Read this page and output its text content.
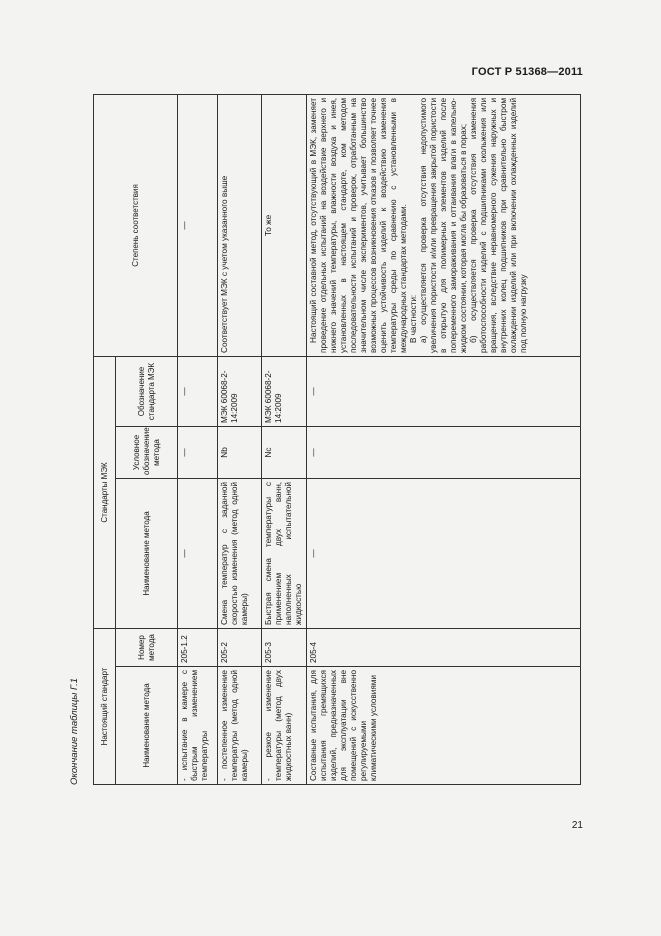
ГОСТ Р 51368—2011
Окончание таблицы Г.1	Настоящий стандарт		Стандарты МЭК			Степень соответствия
Наименование метода	Номер метода	Наименование метода	Условное обозначение метода	Обозначение стандарта МЭК	
- испытание в камере с быстрым изменением температуры	205-1.2	—	—	—	—
- постепенное изменение температуры (метод одной камеры)	205-2	Смена температур с заданной скоростью изменения (метод одной камеры)	Nb	МЭК 60068-2-14:2009	Соответствует МЭК с учетом указанного выше
- резкое изменение температуры (метод двух жидкостных ванн)	205-3	Быстрая смена температуры с применением двух ванн, наполненных испытательной жидкостью	Nc	МЭК 60068-2-14:2009	То же
Составные испытания, для испытания гремящихся изделий, предназначенных для эксплуатации вне помещений с искусственно регулируемыми климатическими условиями	205-4	—	—	—	Настоящий составной метод, отсутствующий в МЭК, заменяет проведение отдельных испытаний на воздействие верхнего и нижнего значений температуры, влажности воздуха и инея, установленных в настоящем стандарте, ком методом последовательности испытаний и проверок, отработанным на значительном числе экспериментов, учитывает большинство возможных процессов возникновения отказов и позволяет точнее оценить устойчивость изделий к воздействию изменения температуры среды по сравнению с установленными в международных стандартах методами. В частности: а) осуществляется проверка отсутствия недопустимого увеличения пористости и/или превращения закрытой пористости в открытую для полимерных элементов изделий после попеременного замораживания и оттаивания влаги в капельно-жидком состоянии, которая могла бы образоваться в порах; б) осуществляется проверка отсутствия изменения работоспособности изделий с подшипниками скольжения или вращения, вследствие неравномерного сужения наружных и внутренних колец подшипников при сравнительно быстром охлаждении изделий или при включении охлажденных изделий под полную нагрузку
21
